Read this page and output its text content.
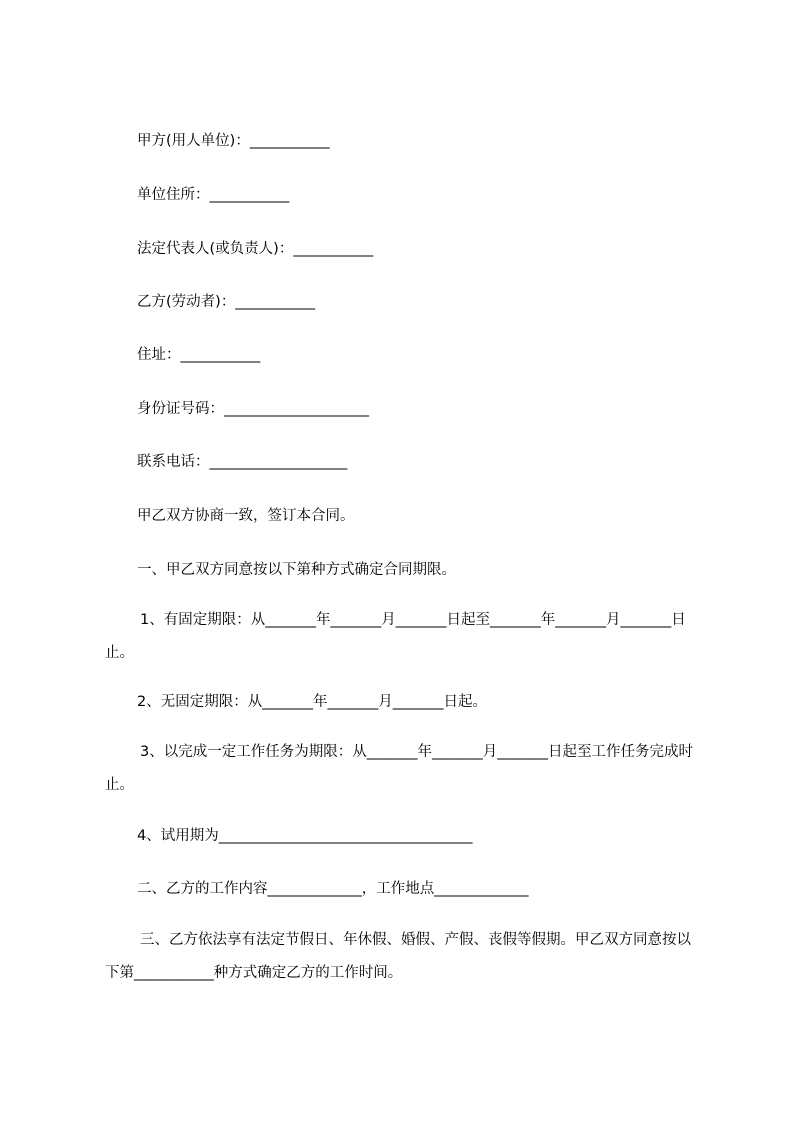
甲方(用人单位)：___________
单位住所：___________
法定代表人(或负责人)：___________
乙方(劳动者)：___________
住址：___________
身份证号码：____________________
联系电话：___________________
甲乙双方协商一致，签订本合同。
一、甲乙双方同意按以下第种方式确定合同期限。
1、有固定期限：从_______年_______月_______日起至_______年_______月_______日止。
2、无固定期限：从_______年_______月_______日起。
3、以完成一定工作任务为期限：从_______年_______月_______日起至工作任务完成时止。
4、试用期为___________________________________
二、乙方的工作内容_____________，工作地点_____________
三、乙方依法享有法定节假日、年休假、婚假、产假、丧假等假期。甲乙双方同意按以下第___________种方式确定乙方的工作时间。
